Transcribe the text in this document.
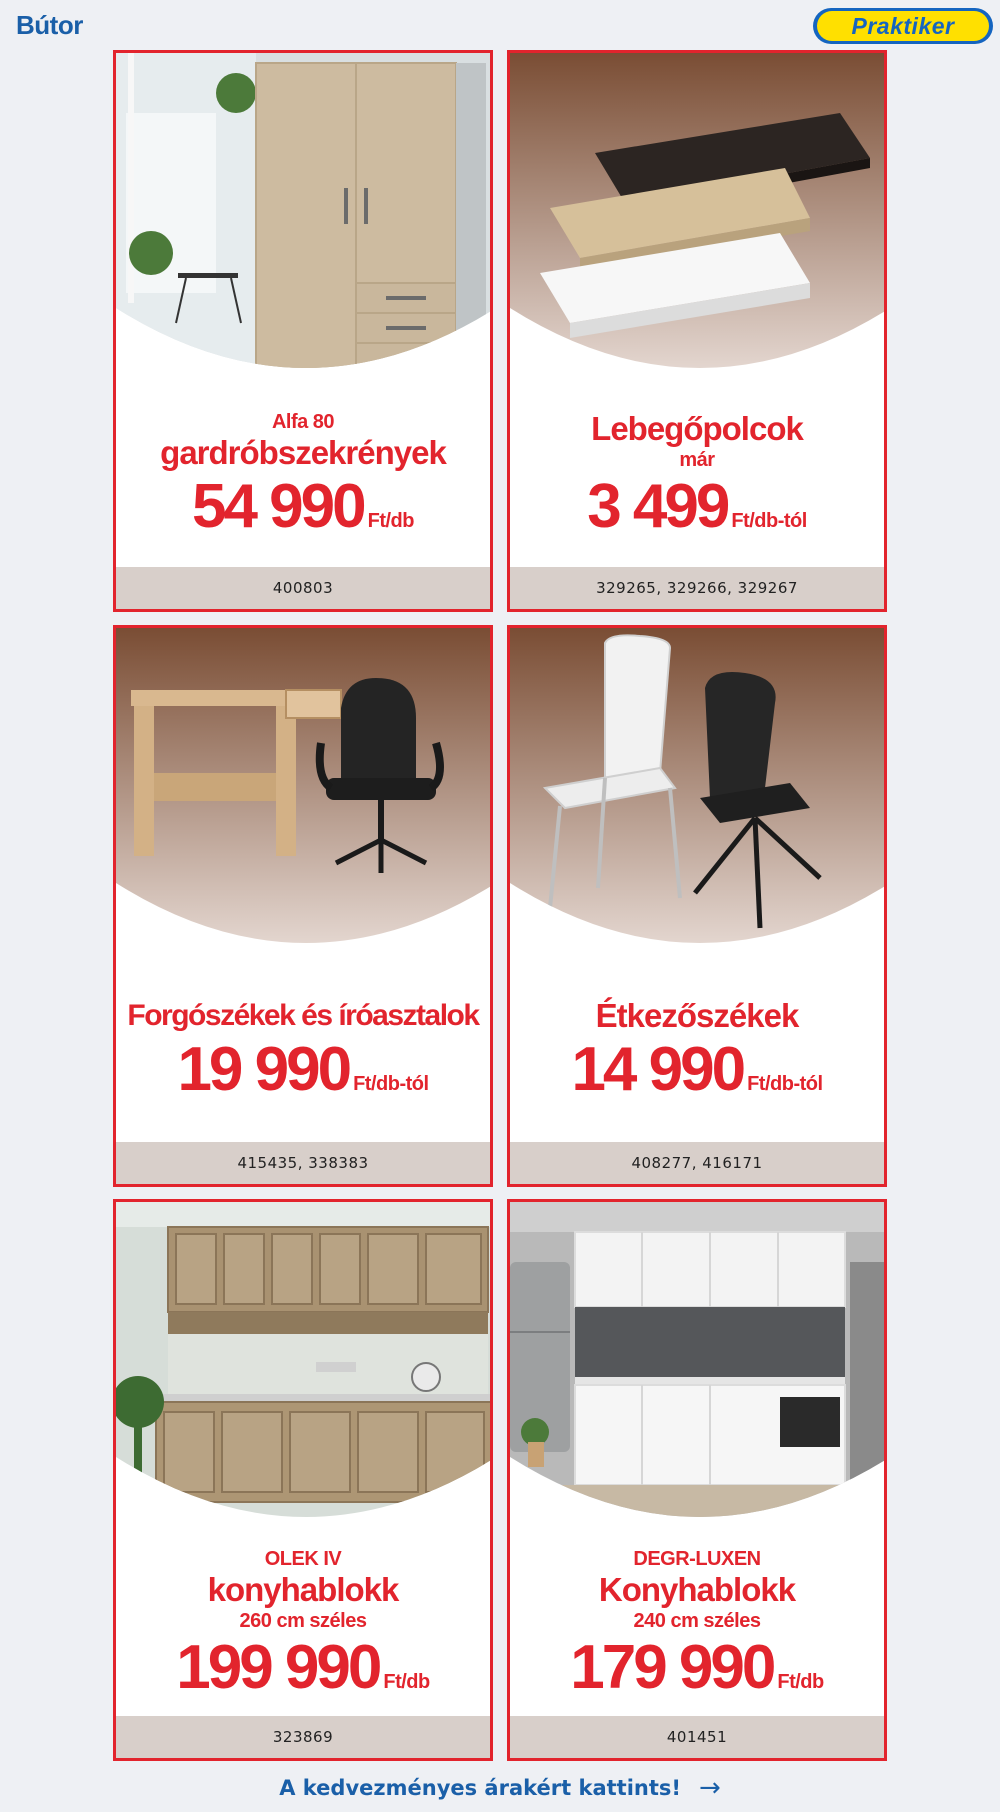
Bútor	Praktiker
Alfa 80
gardróbszekrények
54 990 Ft/db
400803
Lebegőpolcok
már
3 499 Ft/db-tól
329265, 329266, 329267
Forgószékek és íróasztalok
19 990 Ft/db-tól
415435, 338383
Étkezőszékek
14 990 Ft/db-tól
408277, 416171
OLEK IV
konyhablokk
260 cm széles
199 990 Ft/db
323869
DEGR-LUXEN
Konyhablokk
240 cm széles
179 990 Ft/db
401451
A kedvezményes árakért kattints! →
